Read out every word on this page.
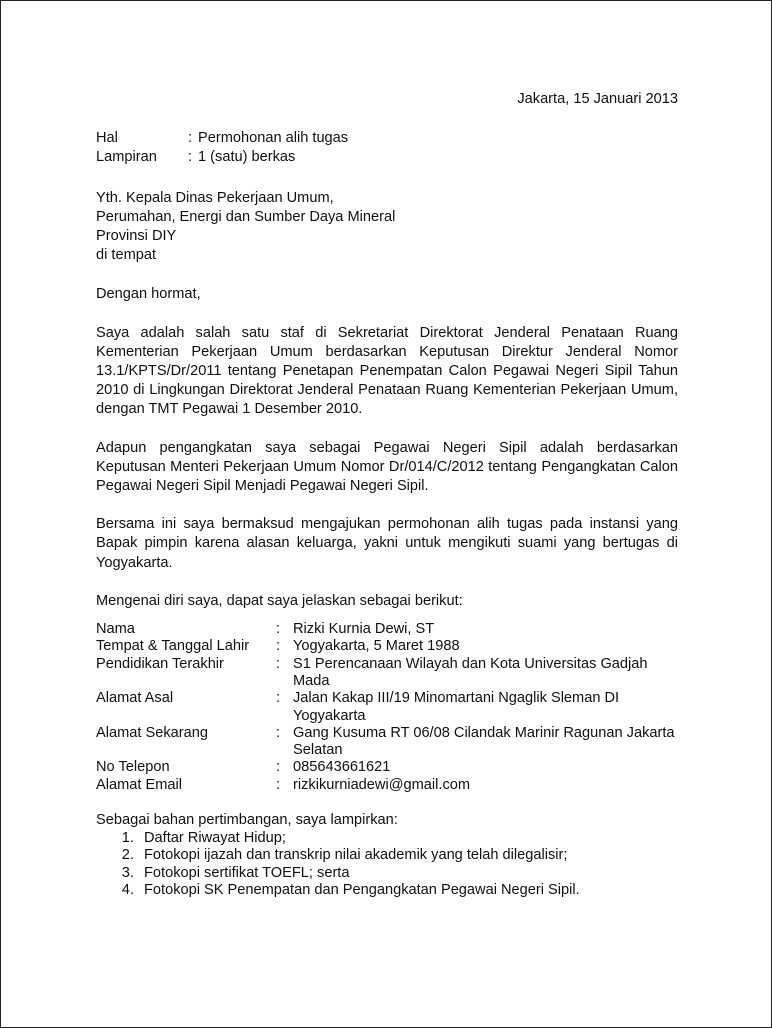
Jakarta, 15 Januari 2013
Hal	: Permohonan alih tugas
Lampiran	: 1 (satu) berkas
Yth. Kepala Dinas Pekerjaan Umum,
Perumahan, Energi dan Sumber Daya Mineral
Provinsi DIY
di tempat
Dengan hormat,
Saya adalah salah satu staf di Sekretariat Direktorat Jenderal Penataan Ruang Kementerian Pekerjaan Umum berdasarkan Keputusan Direktur Jenderal Nomor 13.1/KPTS/Dr/2011 tentang Penetapan Penempatan Calon Pegawai Negeri Sipil Tahun 2010 di Lingkungan Direktorat Jenderal Penataan Ruang Kementerian Pekerjaan Umum, dengan TMT Pegawai 1 Desember 2010.
Adapun pengangkatan saya sebagai Pegawai Negeri Sipil adalah berdasarkan Keputusan Menteri Pekerjaan Umum Nomor Dr/014/C/2012 tentang Pengangkatan Calon Pegawai Negeri Sipil Menjadi Pegawai Negeri Sipil.
Bersama ini saya bermaksud mengajukan permohonan alih tugas pada instansi yang Bapak pimpin karena alasan keluarga, yakni untuk mengikuti suami yang bertugas di Yogyakarta.
Mengenai diri saya, dapat saya jelaskan sebagai berikut:
Nama	: Rizki Kurnia Dewi, ST
Tempat & Tanggal Lahir	: Yogyakarta, 5 Maret 1988
Pendidikan Terakhir	: S1 Perencanaan Wilayah dan Kota Universitas Gadjah Mada
Alamat Asal	: Jalan Kakap III/19 Minomartani Ngaglik Sleman DI Yogyakarta
Alamat Sekarang	: Gang Kusuma RT 06/08 Cilandak Marinir Ragunan Jakarta Selatan
No Telepon	: 085643661621
Alamat Email	: rizkikurniadewi@gmail.com
Sebagai bahan pertimbangan, saya lampirkan:
1. Daftar Riwayat Hidup;
2. Fotokopi ijazah dan transkrip nilai akademik yang telah dilegalisir;
3. Fotokopi sertifikat TOEFL; serta
4. Fotokopi SK Penempatan dan Pengangkatan Pegawai Negeri Sipil.
